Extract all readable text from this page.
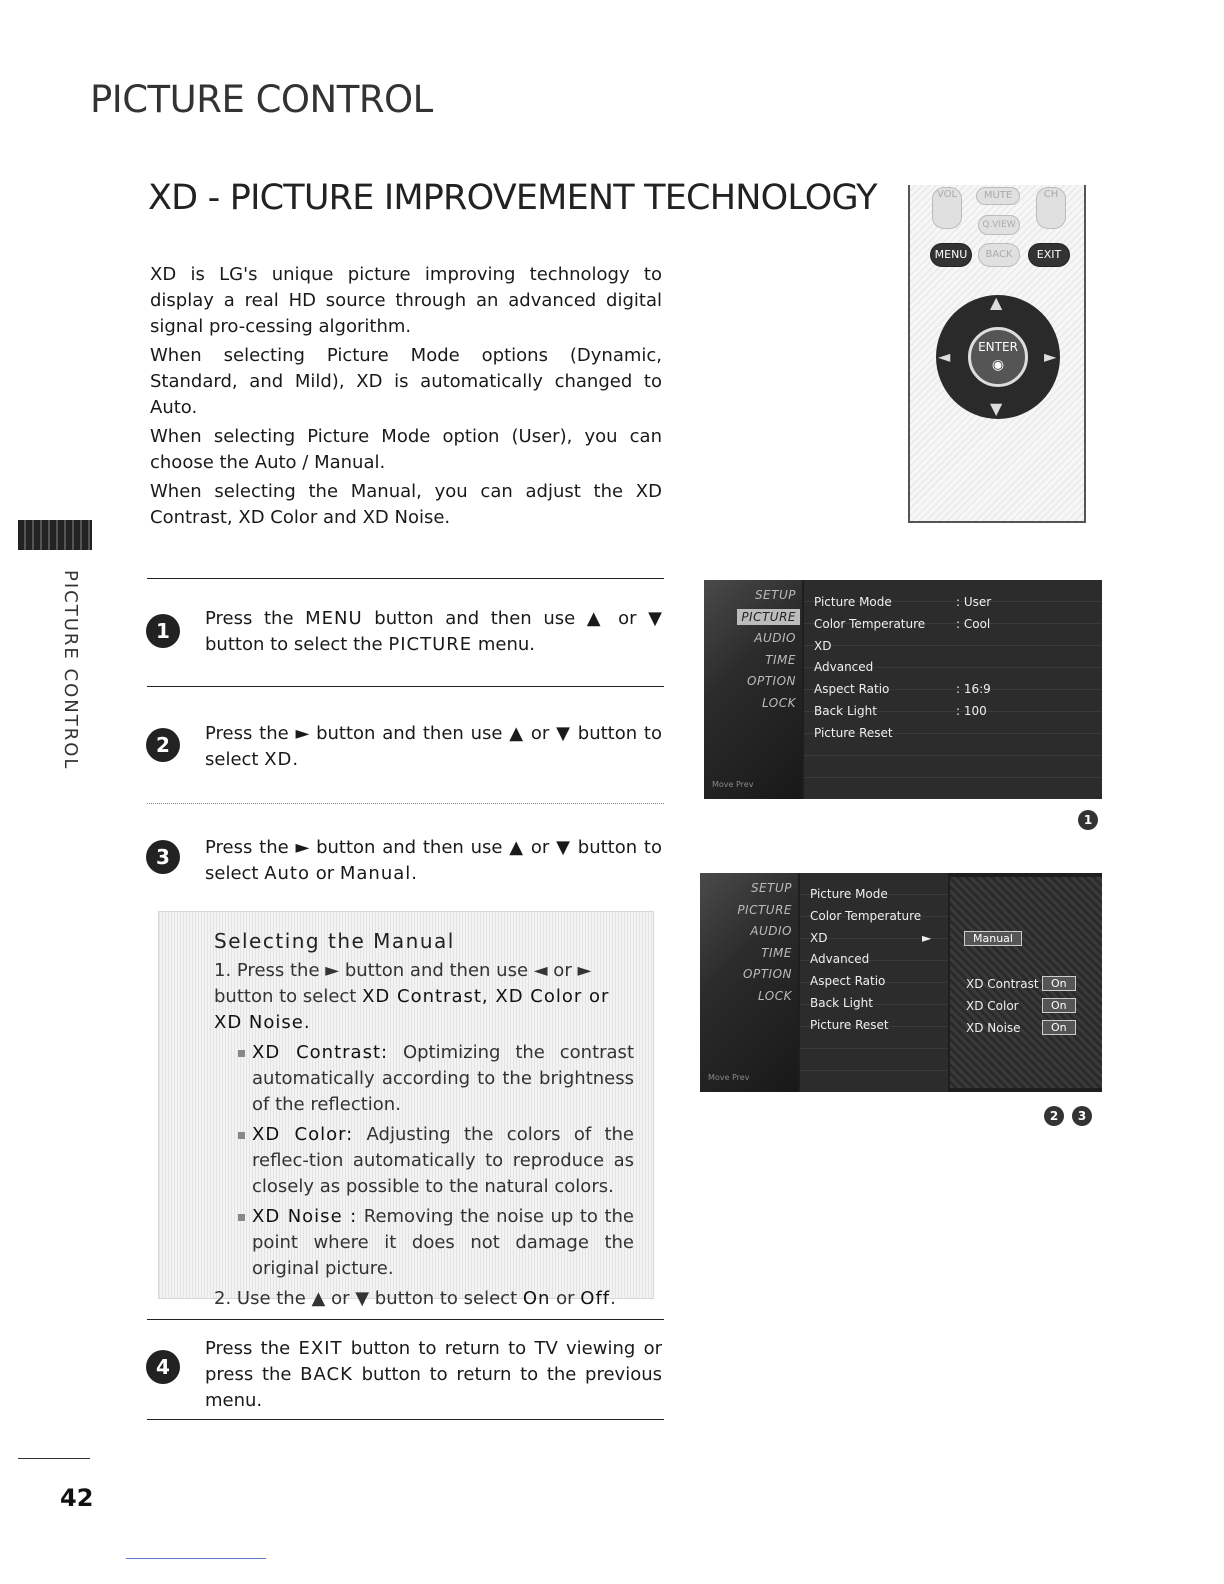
PICTURE CONTROL
XD - PICTURE IMPROVEMENT TECHNOLOGY

XD is LG's unique picture improving technology to display a real HD source through an advanced digital signal pro-cessing algorithm.

When selecting Picture Mode options (Dynamic, Standard, and Mild), XD is automatically changed to Auto.

When selecting Picture Mode option (User), you can choose the Auto / Manual.

When selecting the Manual, you can adjust the XD Contrast, XD Color and XD Noise.

PICTURE CONTROL
VOL	MUTE	CH
Q.VIEW
MENU	BACK	EXIT
▲
▼
◄	►
ENTER
◉
1
Press the MENU button and then use ▲ or ▼ button to select the PICTURE menu.
2	Press the ► button and then use ▲ or ▼ button to select XD.
3	Press the ► button and then use ▲ or ▼ button to select Auto or Manual.
Selecting the Manual
1. Press the ► button and then use ◄ or ► button to select XD Contrast, XD Color or XD Noise.
XD Contrast: Optimizing the contrast automatically according to the brightness of the reflection.
XD Color: Adjusting the colors of the reflec-tion automatically to reproduce as closely as possible to the natural colors.
XD Noise : Removing the noise up to the point where it does not damage the original picture.
2. Use the ▲ or ▼ button to select On or Off.
4
Press the EXIT button to return to TV viewing or press the BACK button to return to the previous menu.
SETUP
PICTURE
AUDIO
TIME
OPTION
LOCK
Move Prev
Picture Mode	: User
Color Temperature	: Cool
XD
Advanced
Aspect Ratio	: 16:9
Back Light	: 100
Picture Reset
1
SETUP
PICTURE
AUDIO
TIME
OPTION
LOCK
Move Prev
Picture Mode
Color Temperature
XD	►
Advanced
Aspect Ratio
Back Light
Picture Reset
Manual
XD Contrast	On
XD Color	On
XD Noise	On
2	3
42
